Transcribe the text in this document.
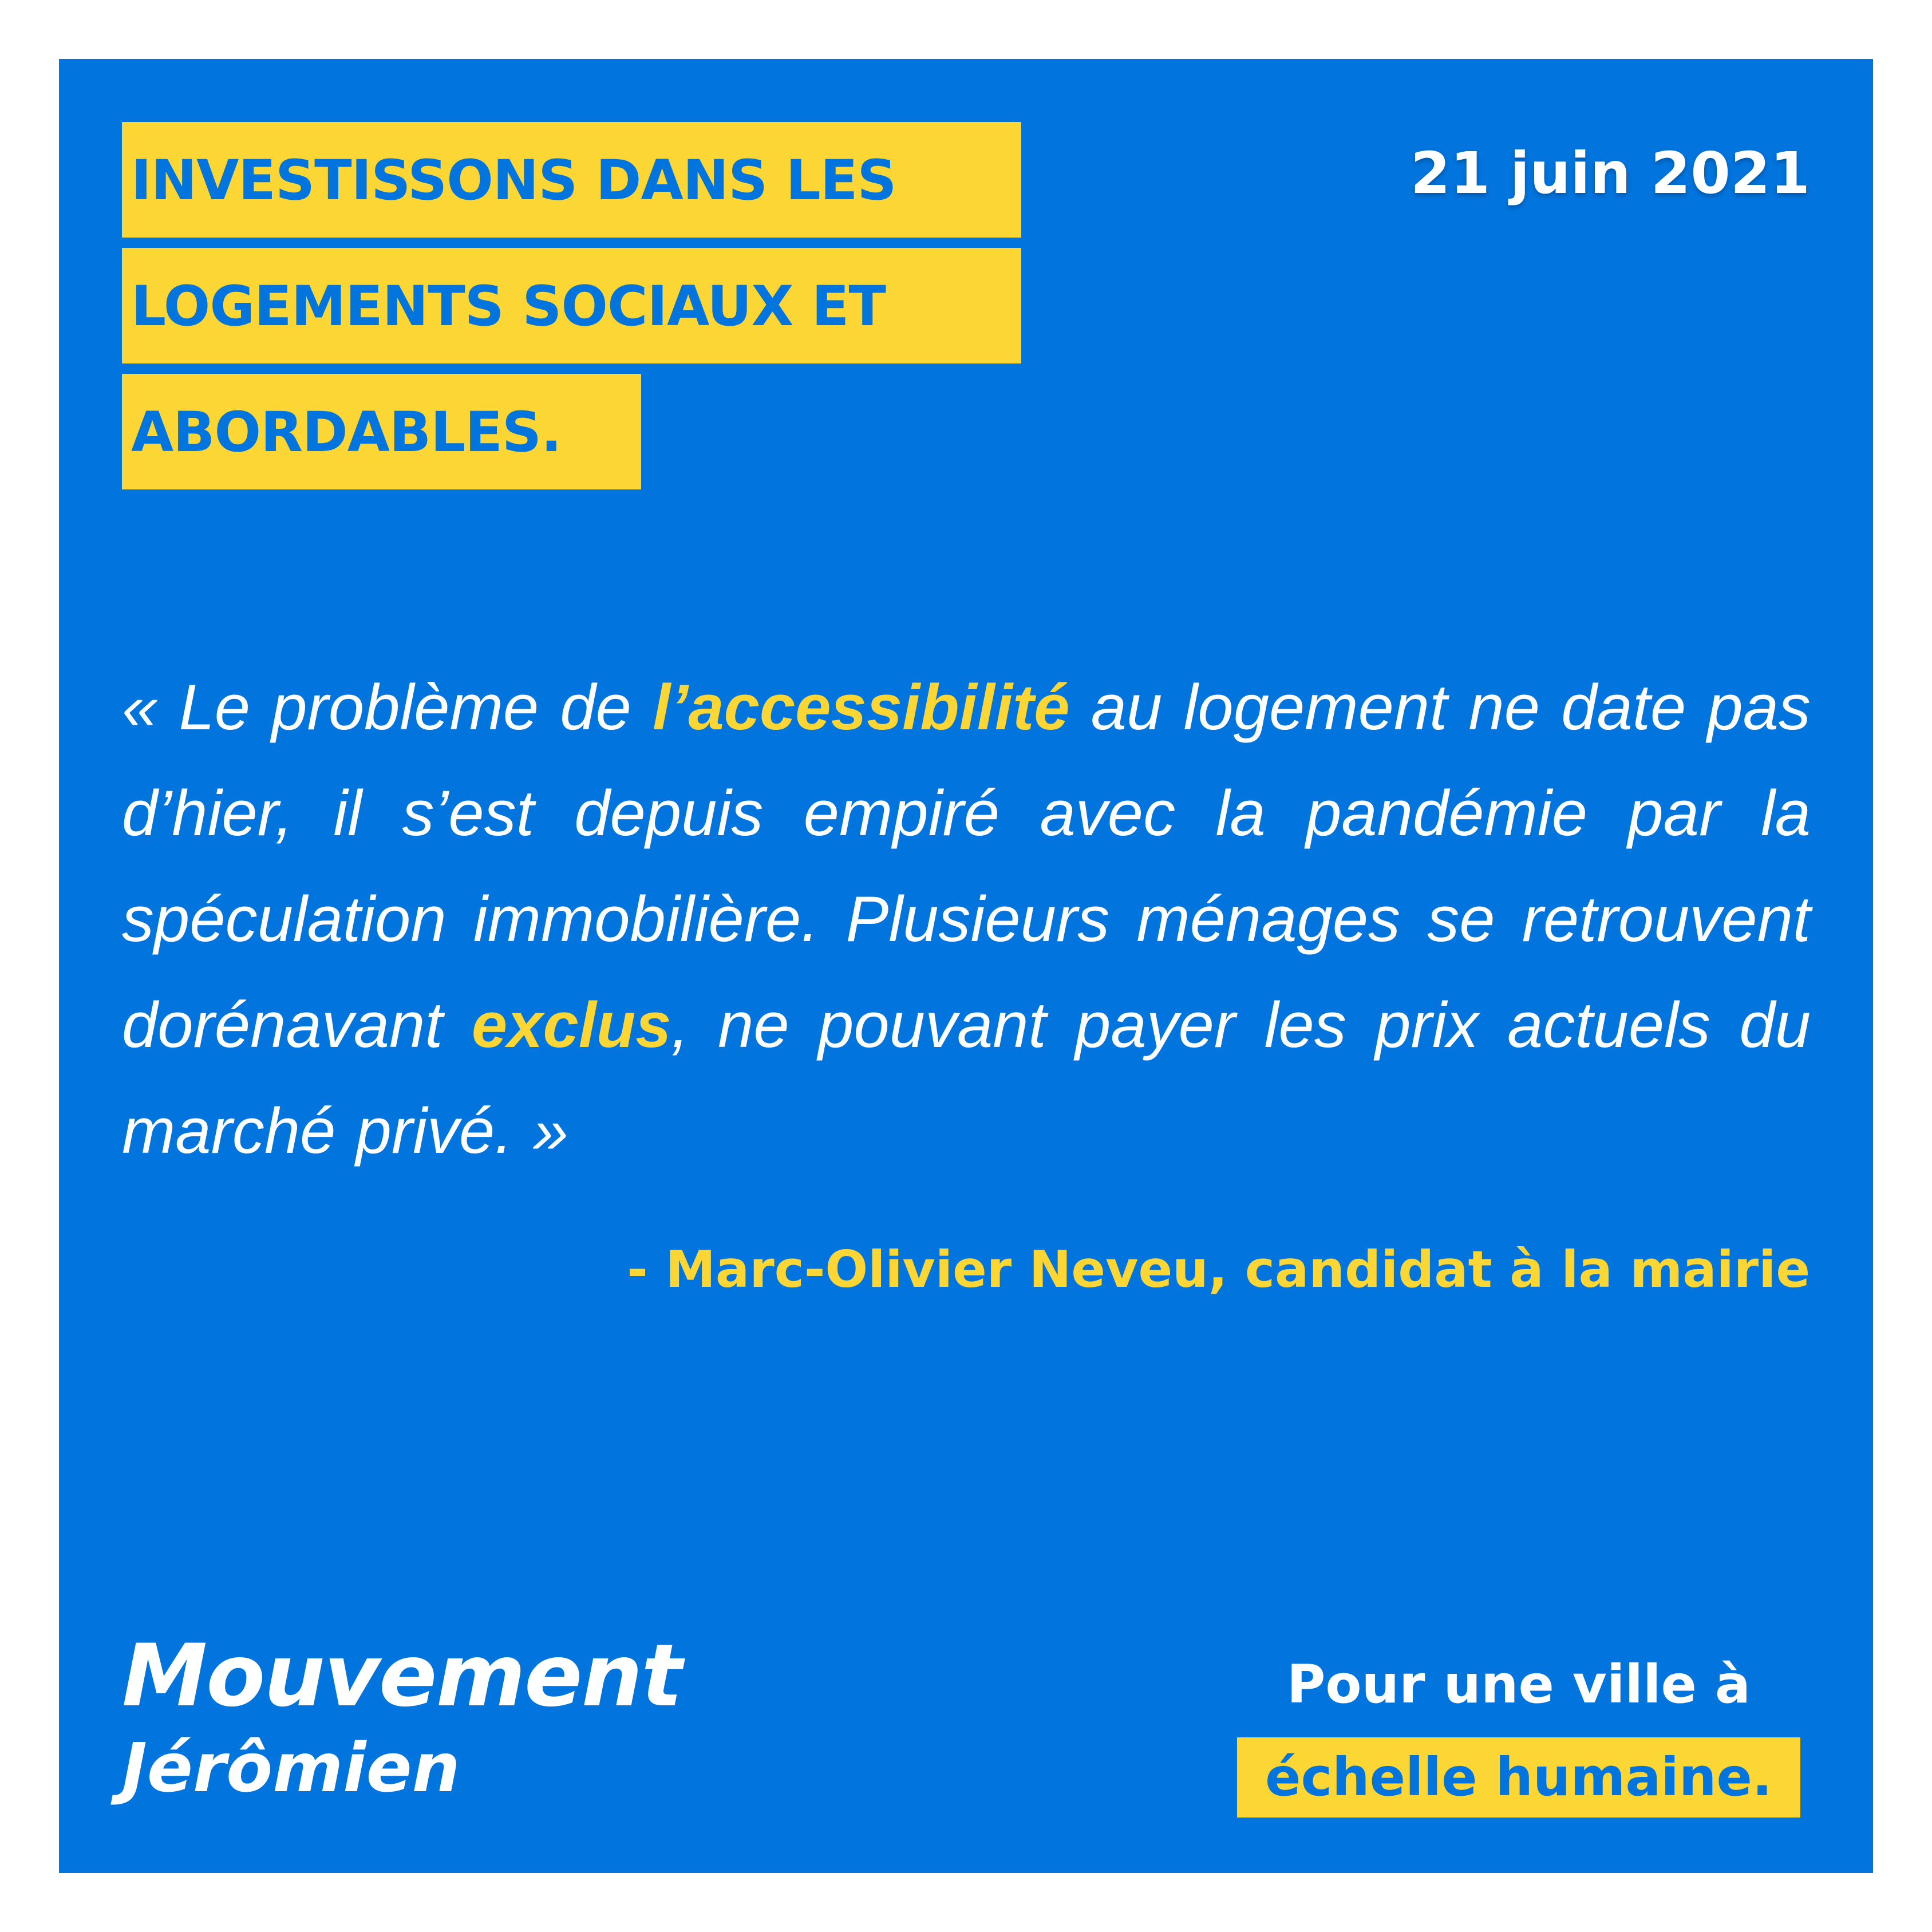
INVESTISSONS DANS LES
LOGEMENTS SOCIAUX ET
ABORDABLES.
21 juin 2021
« Le problème de l’accessibilité au logement ne date pas d’hier, il s’est depuis empiré avec la pandémie par la spéculation immobilière. Plusieurs ménages se retrouvent dorénavant exclus, ne pouvant payer les prix actuels du marché privé. »
- Marc-Olivier Neveu, candidat à la mairie
Mouvement
Jérômien
Pour une ville à
échelle humaine.
